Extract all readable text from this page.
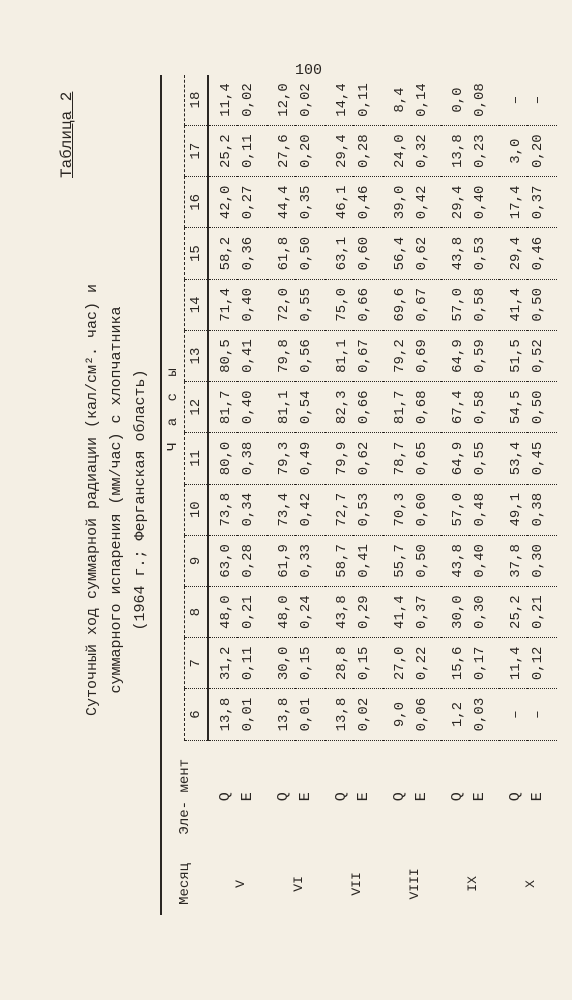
100
Таблица 2
Суточный ход суммарной радиации (кал/см². час) и суммарного испарения (мм/час) с хлопчатника (1964 г.; Ферганская область)
Месяц	Эле- мент	Ч а с ы												
		6	7	8	9	10	11	12	13	14	15	16	17	18
V	Q	13,8	31,2	48,0	63,0	73,8	80,0	81,7	80,5	71,4	58,2	42,0	25,2	11,4
	E	0,01	0,11	0,21	0,28	0,34	0,38	0,40	0,41	0,40	0,36	0,27	0,11	0,02
VI	Q	13,8	30,0	48,0	61,9	73,4	79,3	81,1	79,8	72,0	61,8	44,4	27,6	12,0
	E	0,01	0,15	0,24	0,33	0,42	0,49	0,54	0,56	0,55	0,50	0,35	0,20	0,02
VII	Q	13,8	28,8	43,8	58,7	72,7	79,9	82,3	81,1	75,0	63,1	46,1	29,4	14,4
	E	0,02	0,15	0,29	0,41	0,53	0,62	0,66	0,67	0,66	0,60	0,46	0,28	0,11
VIII	Q	9,0	27,0	41,4	55,7	70,3	78,7	81,7	79,2	69,6	56,4	39,0	24,0	8,4
	E	0,06	0,22	0,37	0,50	0,60	0,65	0,68	0,69	0,67	0,62	0,42	0,32	0,14
IX	Q	1,2	15,6	30,0	43,8	57,0	64,9	67,4	64,9	57,0	43,8	29,4	13,8	0,0
	E	0,03	0,17	0,30	0,40	0,48	0,55	0,58	0,59	0,58	0,53	0,40	0,23	0,08
X	Q	–	11,4	25,2	37,8	49,1	53,4	54,5	51,5	41,4	29,4	17,4	3,0	–
	E	–	0,12	0,21	0,30	0,38	0,45	0,50	0,52	0,50	0,46	0,37	0,20	–
